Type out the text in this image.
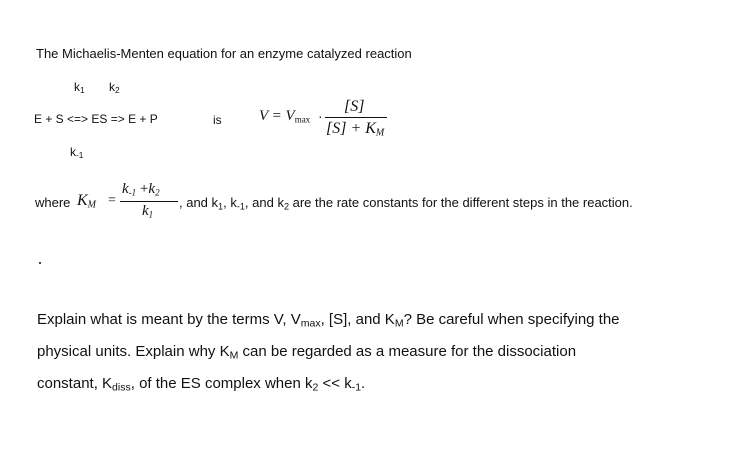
The Michaelis-Menten equation for an enzyme catalyzed reaction
$k_1$ $k_2$
E + S <=> ES => E + P
$k_{-1}$
is $V = V_{max}$ ·
[S]
$[S] + K_M$
where $K_M$ =
$k_{-1} +k_2$
$k_1$
, and $k_1$, $k_{-1}$, and $k_2$ are the rate constants for the different steps in the reaction.
Explain what is meant by the terms V, $V_{max}$, [S], and $K_M$? Be careful when specifying the
physical units. Explain why $K_M$ can be regarded as a measure for the dissociation
constant, $K_{diss}$, of the ES complex when $k_2 << k_{-1}$.
